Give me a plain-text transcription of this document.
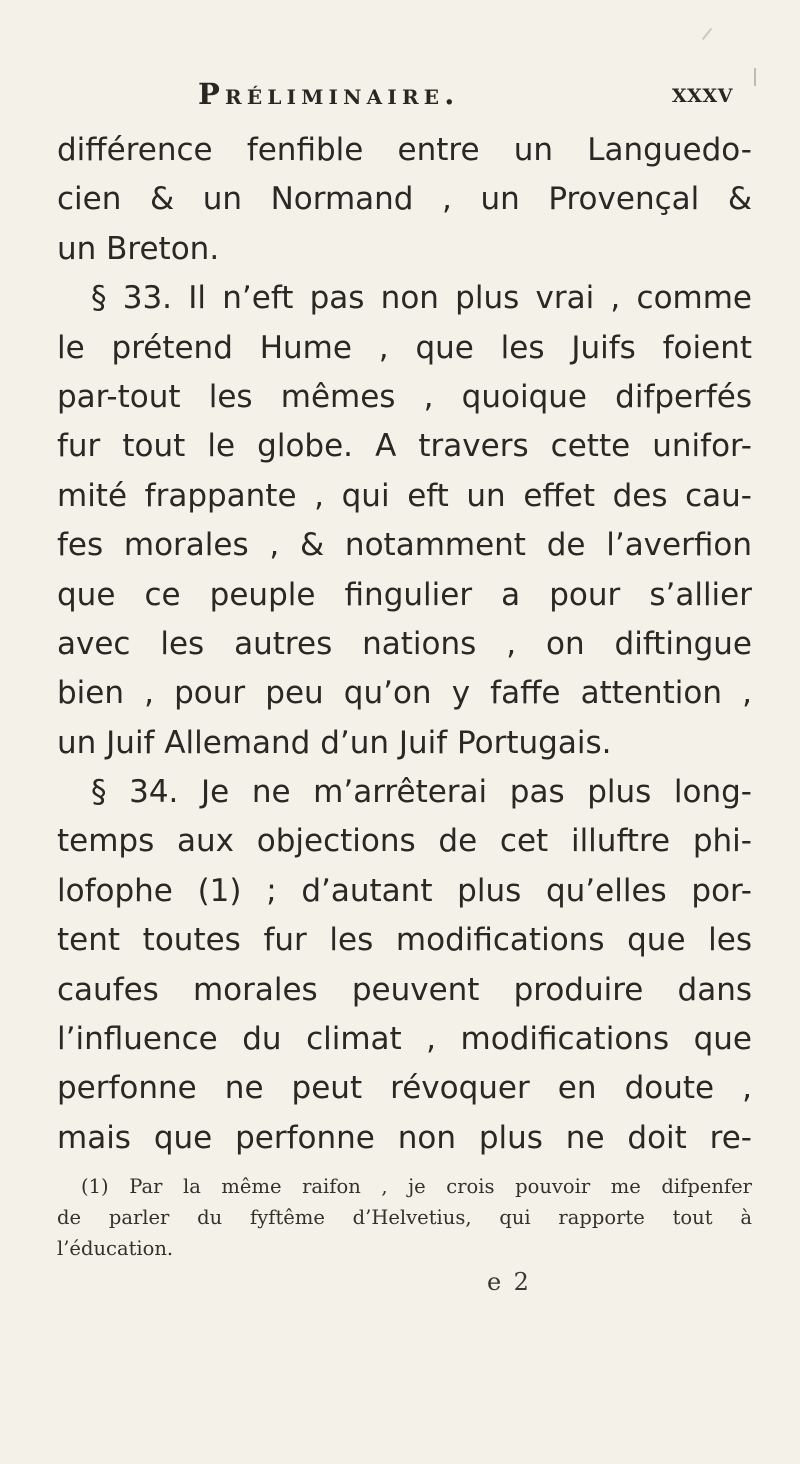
Préliminaire.	xxxv
différence fenfible entre un Languedo-
cien & un Normand , un Provençal &
un Breton.
§ 33. Il n’eft pas non plus vrai , comme
le prétend Hume , que les Juifs foient
par-tout les mêmes , quoique difperfés
fur tout le globe. A travers cette unifor-
mité frappante , qui eft un effet des cau-
fes morales , & notamment de l’averfion
que ce peuple fingulier a pour s’allier
avec les autres nations , on diftingue
bien , pour peu qu’on y faffe attention ,
un Juif Allemand d’un Juif Portugais.
§ 34. Je ne m’arrêterai pas plus long-
temps aux objections de cet illuftre phi-
lofophe (1) ; d’autant plus qu’elles por-
tent toutes fur les modifications que les
caufes morales peuvent produire dans
l’influence du climat , modifications que
perfonne ne peut révoquer en doute ,
mais que perfonne non plus ne doit re-
(1) Par la même raifon , je crois pouvoir me difpenfer
de parler du fyftême d’Helvetius, qui rapporte tout à
l’éducation.
e 2
